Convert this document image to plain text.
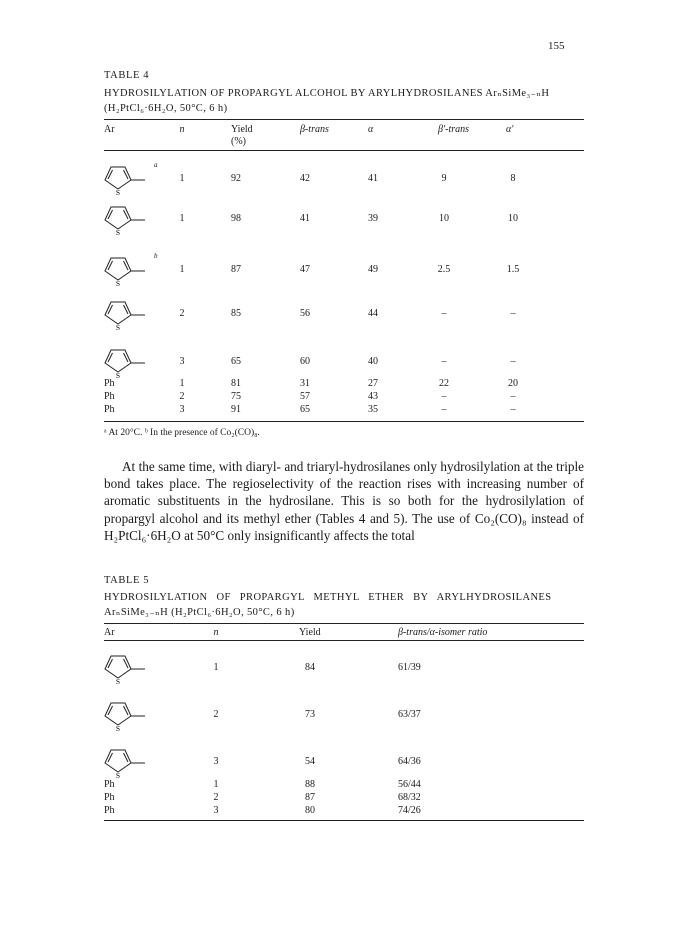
155
TABLE 4
HYDROSILYLATION OF PROPARGYL ALCOHOL BY ARYLHYDROSILANES ArₙSiMe₃₋ₙH
(H₂PtCl₆·6H₂O, 50°C, 6 h)
Ar	n	Yield
(%)
β-trans	α	β′-trans	α′
S
a
1	92	42	41	9	8
S
1	98	41	39	10	10
S
b
1	87	47	49	2.5	1.5
S
2	85	56	44	–	–
S
3	65	60	40	–	–
Ph	1	81	31	27	22	20
Ph	2	75	57	43	–	–
Ph	3	91	65	35	–	–
ᵃ At 20°C. ᵇ In the presence of Co₂(CO)₈.
At the same time, with diaryl- and triaryl-hydrosilanes only hydrosilylation at the triple bond takes place. The regioselectivity of the reaction rises with increasing number of aromatic substituents in the hydrosilane. This is so both for the hydrosilylation of propargyl alcohol and its methyl ether (Tables 4 and 5). The use of Co₂(CO)₈ instead of H₂PtCl₆·6H₂O at 50°C only insignificantly affects the total
TABLE 5
HYDROSILYLATION OF PROPARGYL METHYL ETHER BY ARYLHYDROSILANES
ArₙSiMe₃₋ₙH (H₂PtCl₆·6H₂O, 50°C, 6 h)
Ar	n	Yield	β-trans/α-isomer ratio
S
1	84	61/39
S
2	73	63/37
S
3	54	64/36
Ph	1	88	56/44
Ph	2	87	68/32
Ph	3	80	74/26
